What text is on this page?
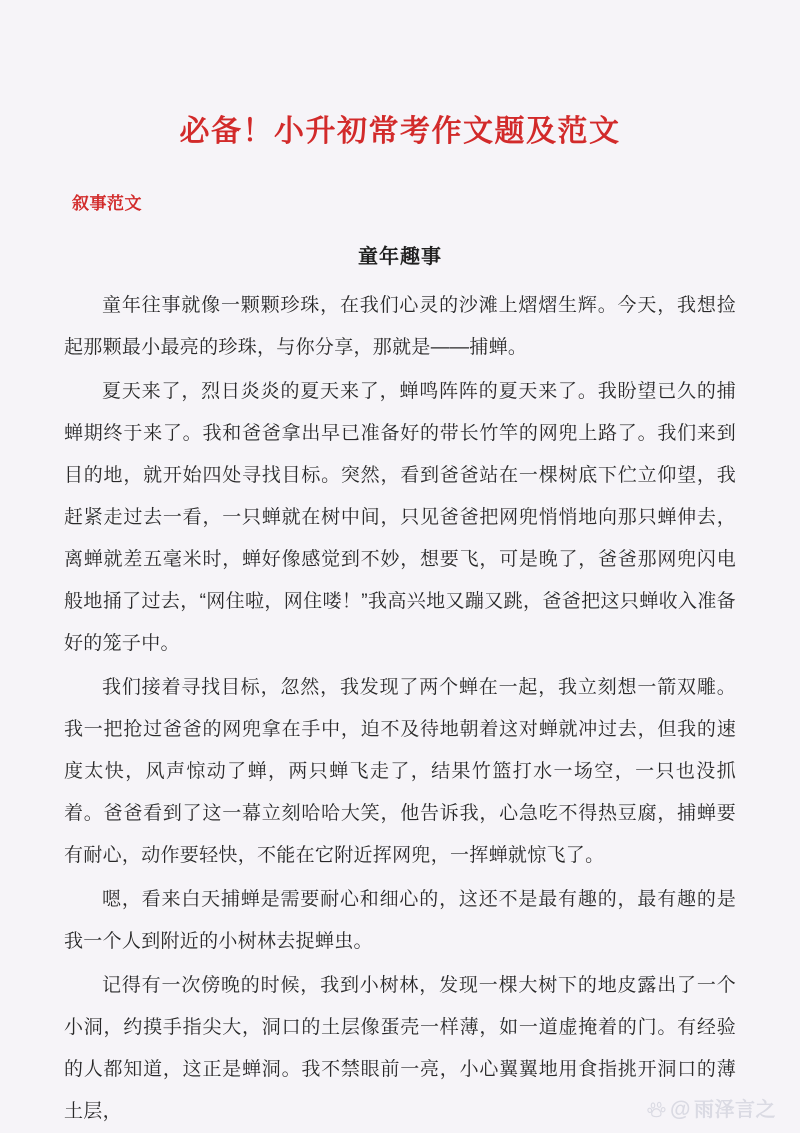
必备！小升初常考作文题及范文
叙事范文
童年趣事

童年往事就像一颗颗珍珠，在我们心灵的沙滩上熠熠生辉。今天，我想捡起那颗最小最亮的珍珠，与你分享，那就是——捕蝉。

夏天来了，烈日炎炎的夏天来了，蝉鸣阵阵的夏天来了。我盼望已久的捕蝉期终于来了。我和爸爸拿出早已准备好的带长竹竿的网兜上路了。我们来到目的地，就开始四处寻找目标。突然，看到爸爸站在一棵树底下伫立仰望，我赶紧走过去一看，一只蝉就在树中间，只见爸爸把网兜悄悄地向那只蝉伸去，离蝉就差五毫米时，蝉好像感觉到不妙，想要飞，可是晚了，爸爸那网兜闪电般地捅了过去，“网住啦，网住喽！”我高兴地又蹦又跳，爸爸把这只蝉收入准备好的笼子中。

我们接着寻找目标，忽然，我发现了两个蝉在一起，我立刻想一箭双雕。我一把抢过爸爸的网兜拿在手中，迫不及待地朝着这对蝉就冲过去，但我的速度太快，风声惊动了蝉，两只蝉飞走了，结果竹篮打水一场空，一只也没抓着。爸爸看到了这一幕立刻哈哈大笑，他告诉我，心急吃不得热豆腐，捕蝉要有耐心，动作要轻快，不能在它附近挥网兜，一挥蝉就惊飞了。

嗯，看来白天捕蝉是需要耐心和细心的，这还不是最有趣的，最有趣的是我一个人到附近的小树林去捉蝉虫。

记得有一次傍晚的时候，我到小树林，发现一棵大树下的地皮露出了一个小洞，约摸手指尖大，洞口的土层像蛋壳一样薄，如一道虚掩着的门。有经验的人都知道，这正是蝉洞。我不禁眼前一亮，小心翼翼地用食指挑开洞口的薄土层，	@ 雨泽言之
